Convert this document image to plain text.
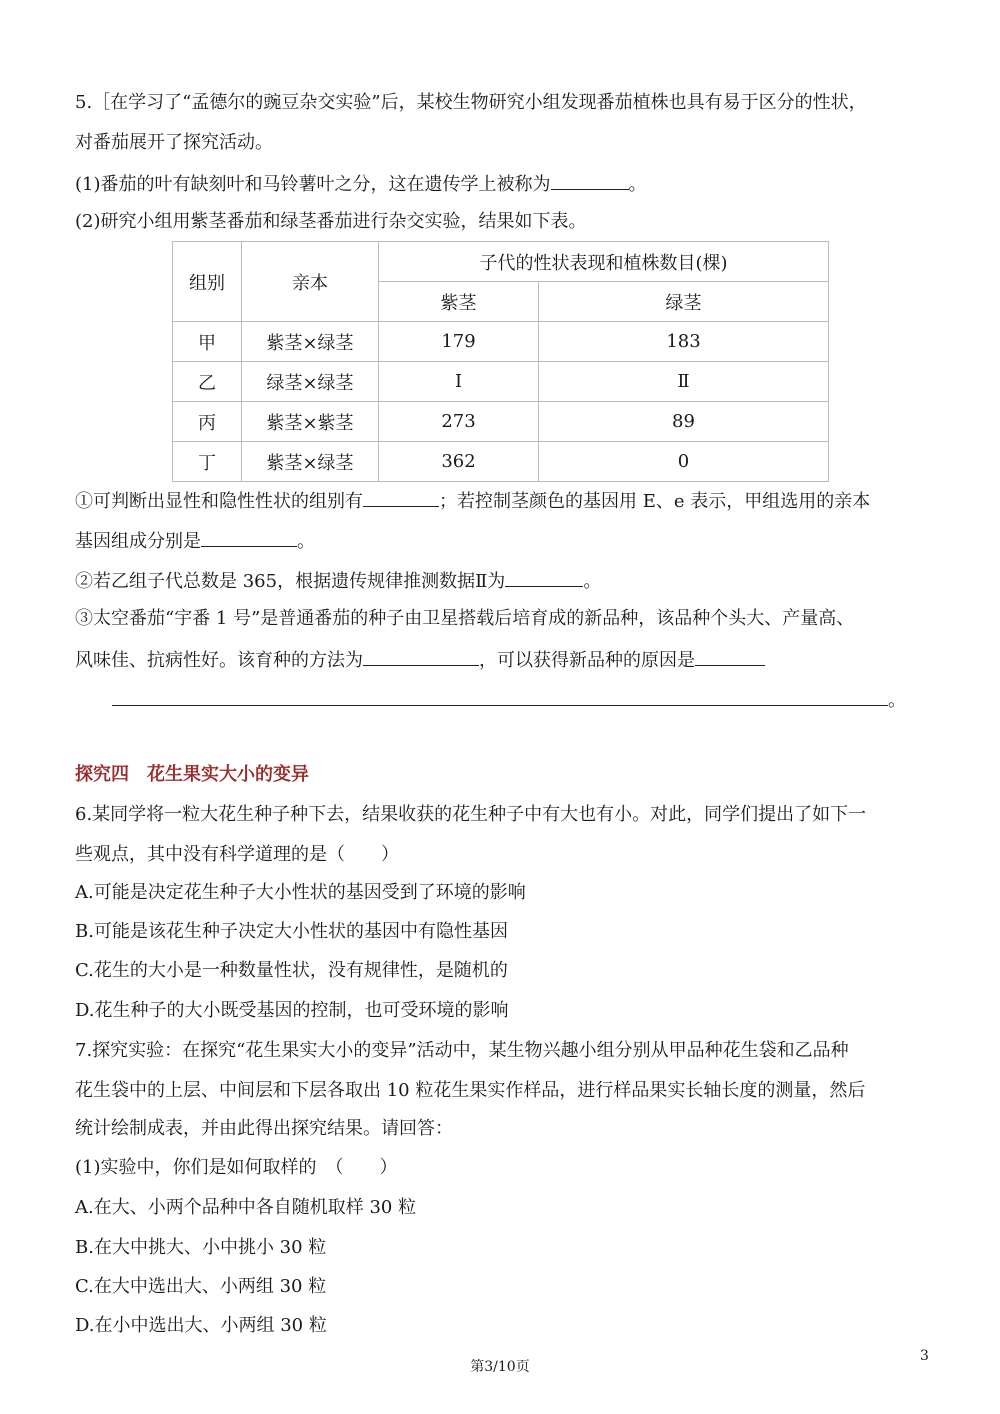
5.［在学习了“孟德尔的豌豆杂交实验”后，某校生物研究小组发现番茄植株也具有易于区分的性状，
对番茄展开了探究活动。
(1)番茄的叶有缺刻叶和马铃薯叶之分，这在遗传学上被称为	。
(2)研究小组用紫茎番茄和绿茎番茄进行杂交实验，结果如下表。
组别	亲本	子代的性状表现和植株数目(棵)	
		紫茎	绿茎
甲	紫茎×绿茎	179	183
乙	绿茎×绿茎	Ⅰ	Ⅱ
丙	紫茎×紫茎	273	89
丁	紫茎×绿茎	362	0
①可判断出显性和隐性性状的组别有	；若控制茎颜色的基因用 E、e 表示，甲组选用的亲本
基因组成分别是	。
②若乙组子代总数是 365，根据遗传规律推测数据Ⅱ为	。
③太空番茄“宇番 1 号”是普通番茄的种子由卫星搭载后培育成的新品种，该品种个头大、产量高、
风味佳、抗病性好。该育种的方法为	，可以获得新品种的原因是
。
探究四　花生果实大小的变异
6.某同学将一粒大花生种子种下去，结果收获的花生种子中有大也有小。对此，同学们提出了如下一
些观点，其中没有科学道理的是（　　）
A.可能是决定花生种子大小性状的基因受到了环境的影响
B.可能是该花生种子决定大小性状的基因中有隐性基因
C.花生的大小是一种数量性状，没有规律性，是随机的
D.花生种子的大小既受基因的控制，也可受环境的影响
7.探究实验：在探究“花生果实大小的变异”活动中，某生物兴趣小组分别从甲品种花生袋和乙品种
花生袋中的上层、中间层和下层各取出 10 粒花生果实作样品，进行样品果实长轴长度的测量，然后
统计绘制成表，并由此得出探究结果。请回答：
(1)实验中，你们是如何取样的　（　　）
A.在大、小两个品种中各自随机取样 30 粒
B.在大中挑大、小中挑小 30 粒
C.在大中选出大、小两组 30 粒
D.在小中选出大、小两组 30 粒
第3/10页
3
